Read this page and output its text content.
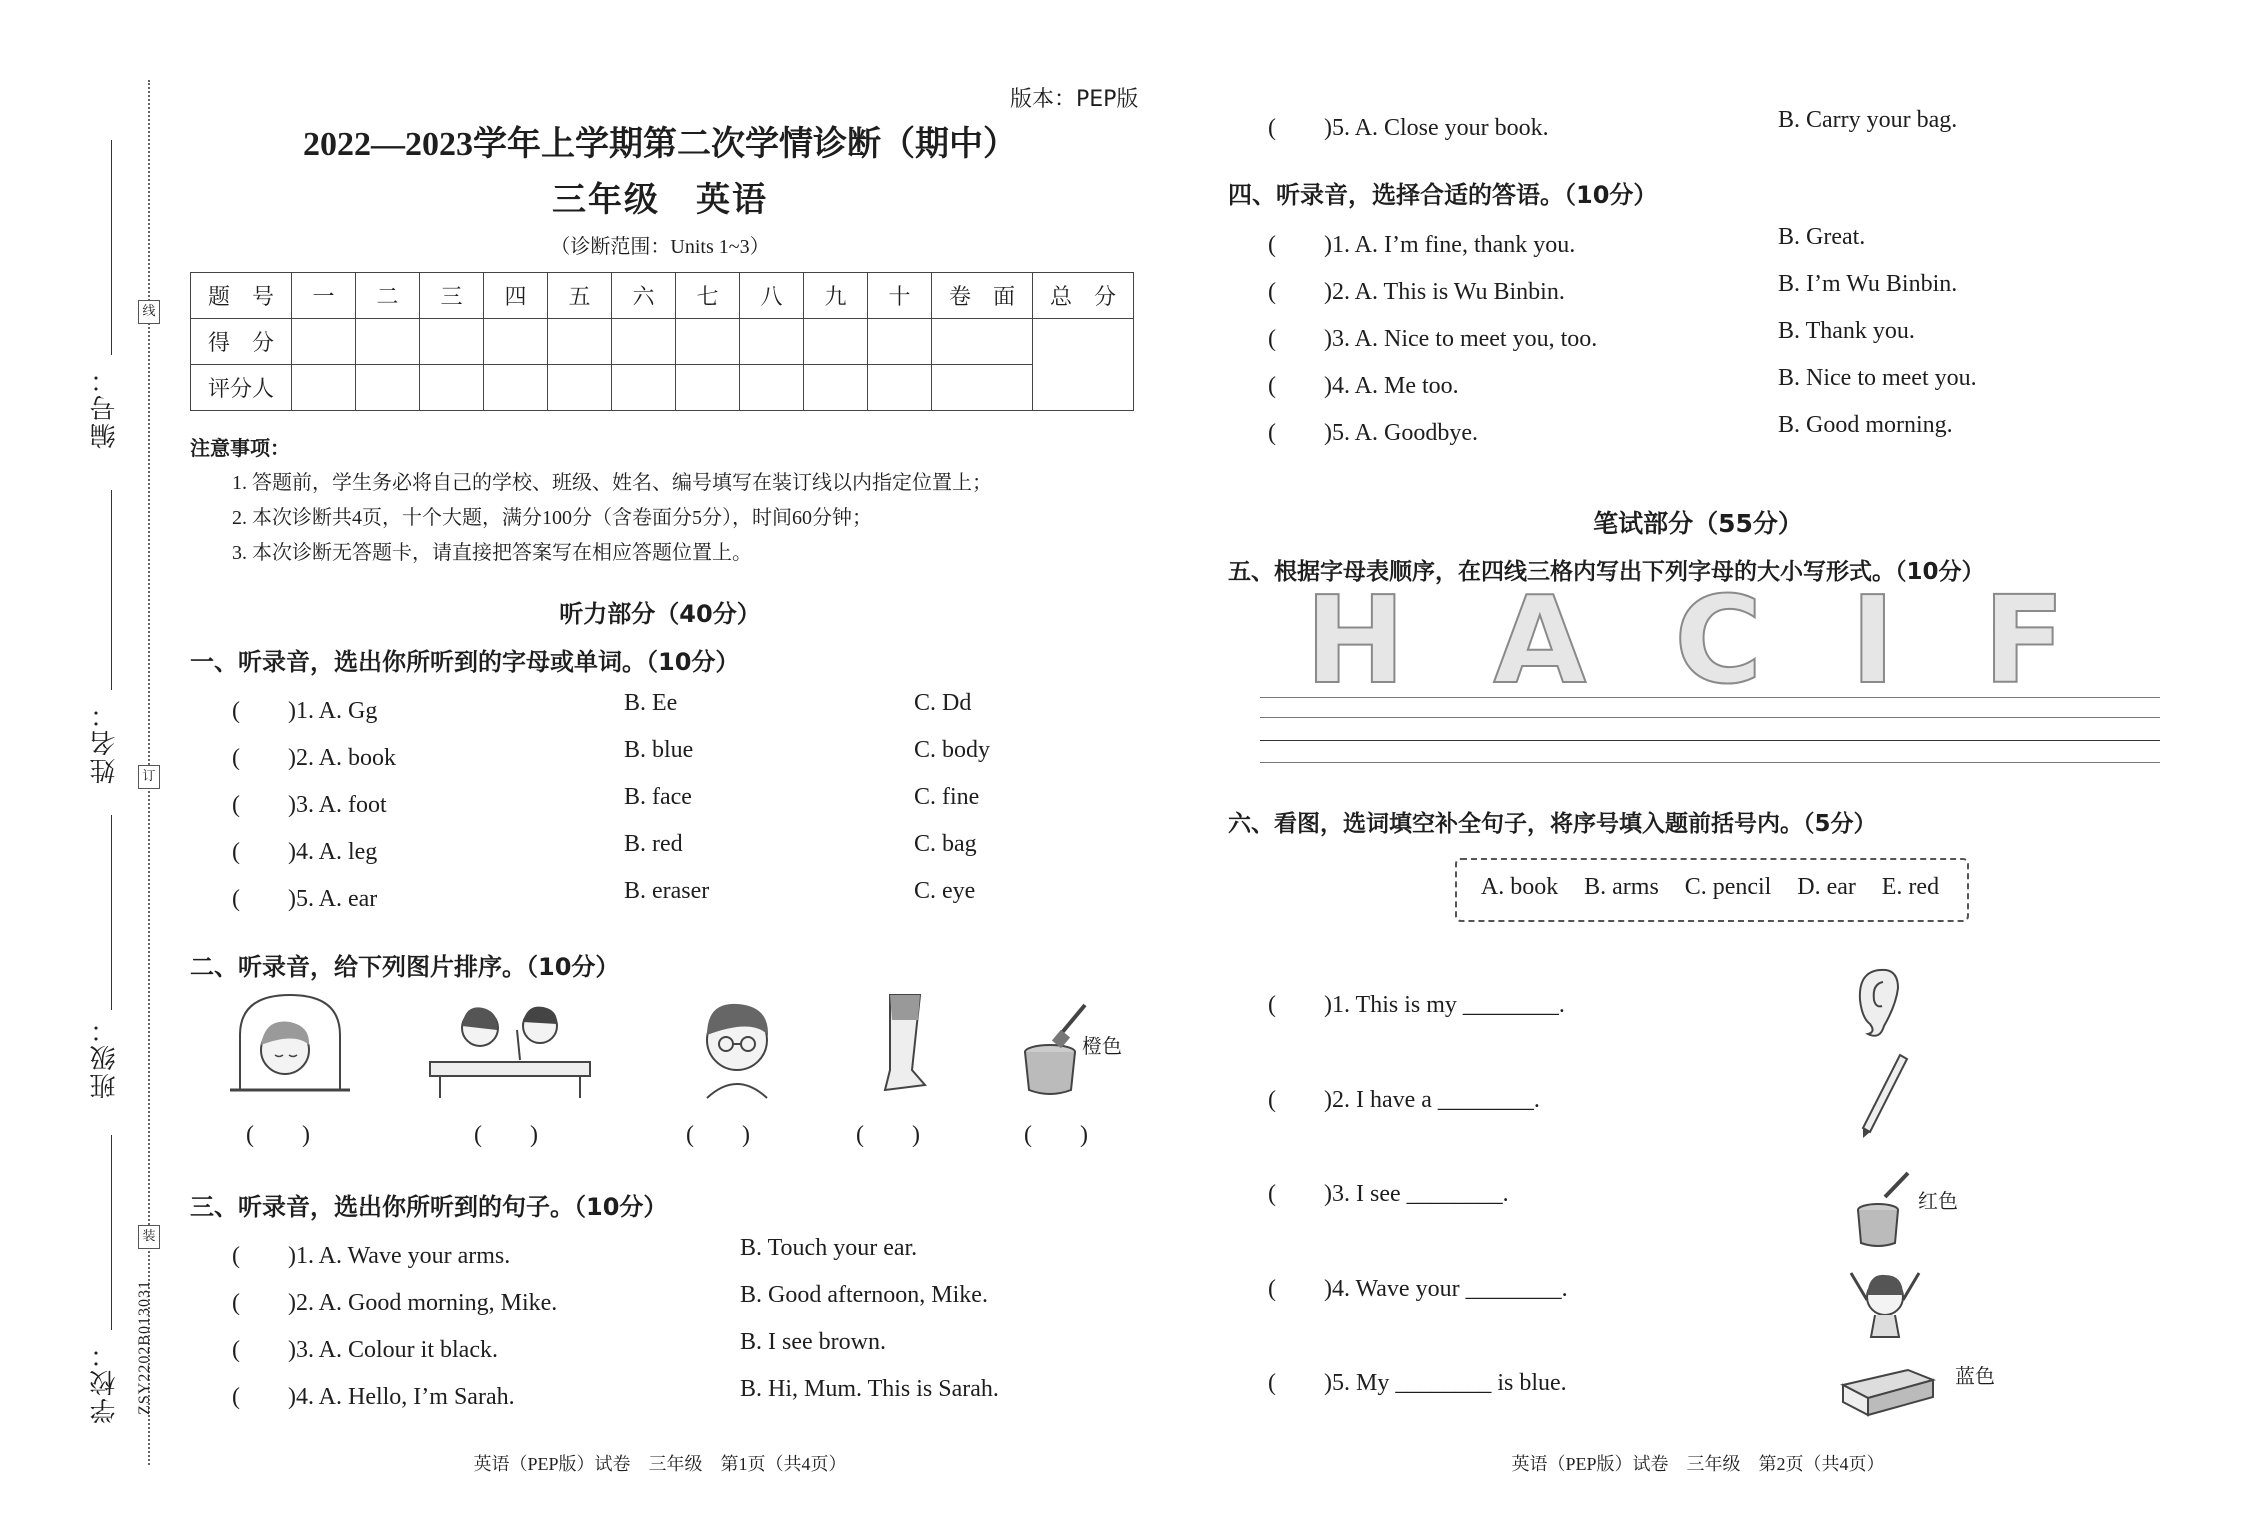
线
订
装
编号：
姓名：
班级：
学校： ZSY2202B013031
版本：PEP版
2022—2023学年上学期第二次学情诊断（期中）
三年级　英语
（诊断范围：Units 1~3）
题　号	一	二	三	四	五	六	七	八	九	十	卷　面	总　分
得　分												
评分人												
注意事项：
1. 答题前，学生务必将自己的学校、班级、姓名、编号填写在装订线以内指定位置上；
2. 本次诊断共4页，十个大题，满分100分（含卷面分5分），时间60分钟；
3. 本次诊断无答题卡，请直接把答案写在相应答题位置上。
听力部分（40分）
一、听录音，选出你所听到的字母或单词。（10分）
(　　)1. A. Gg	B. Ee	C. Dd
(　　)2. A. book	B. blue	C. body
(　　)3. A. foot	B. face	C. fine
(　　)4. A. leg	B. red	C. bag
(　　)5. A. ear	B. eraser	C. eye
二、听录音，给下列图片排序。（10分）
橙色
(　　)	(　　)	(　　)	(　　)	(　　)
三、听录音，选出你所听到的句子。（10分）
(　　)1. A. Wave your arms.	B. Touch your ear.
(　　)2. A. Good morning, Mike.	B. Good afternoon, Mike.
(　　)3. A. Colour it black.	B. I see brown.
(　　)4. A. Hello, I’m Sarah.	B. Hi, Mum. This is Sarah.
英语（PEP版）试卷　三年级　第1页（共4页）
(　　)5. A. Close your book.	B. Carry your bag.
四、听录音，选择合适的答语。（10分）
(　　)1. A. I’m fine, thank you.	B. Great.
(　　)2. A. This is Wu Binbin.	B. I’m Wu Binbin.
(　　)3. A. Nice to meet you, too.	B. Thank you.
(　　)4. A. Me too.	B. Nice to meet you.
(　　)5. A. Goodbye.	B. Good morning.
笔试部分（55分）
五、根据字母表顺序，在四线三格内写出下列字母的大小写形式。（10分）
H A C I F
六、看图，选词填空补全句子，将序号填入题前括号内。（5分）
A. book B. arms C. pencil D. ear E. red
(　　)1. This is my ________.
(　　)2. I have a ________.
(　　)3. I see ________.
(　　)4. Wave your ________.
(　　)5. My ________ is blue.
红色
蓝色
英语（PEP版）试卷　三年级　第2页（共4页）
